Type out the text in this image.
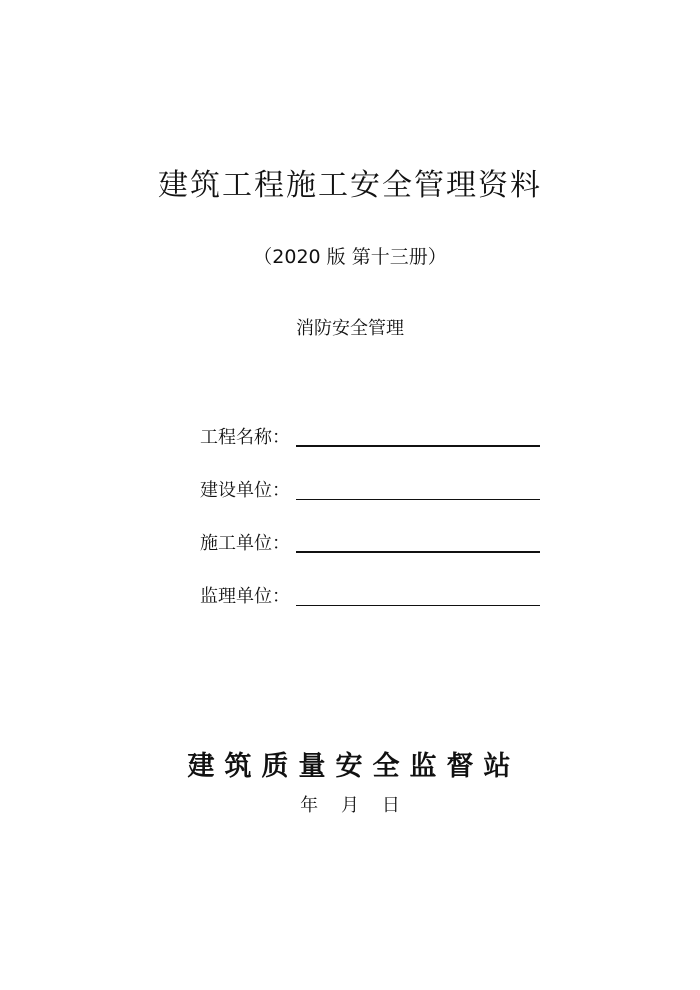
建筑工程施工安全管理资料
（2020 版 第十三册）
消防安全管理
工程名称：
建设单位：
施工单位：
监理单位：
建筑质量安全监督站
年    月    日
